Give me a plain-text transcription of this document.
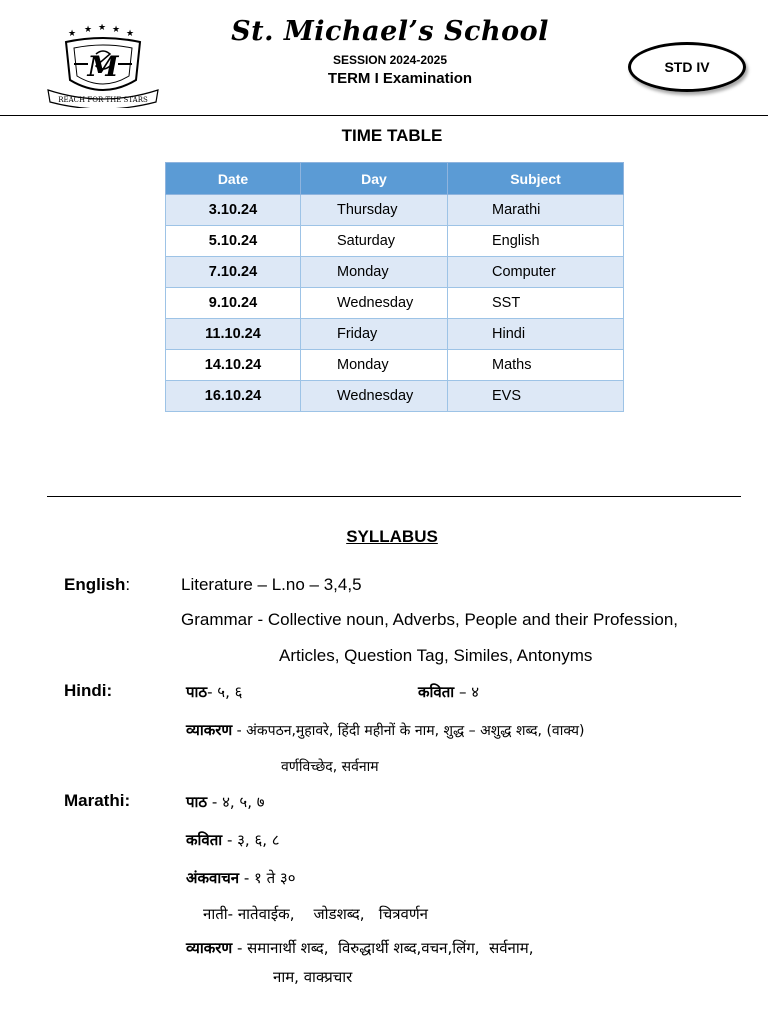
★ ★ ★ ★ ★
M
REACH FOR THE STARS
St. Michael’s School
SESSION 2024-2025
TERM I Examination
STD IV
TIME TABLE
Date	Day	Subject
3.10.24	Thursday	Marathi
5.10.24	Saturday	English
7.10.24	Monday	Computer
9.10.24	Wednesday	SST
11.10.24	Friday	Hindi
14.10.24	Monday	Maths
16.10.24	Wednesday	EVS
SYLLABUS
English:	Literature – L.no – 3,4,5
Grammar - Collective noun, Adverbs, People and their Profession,
Articles, Question Tag, Similes, Antonyms
Hindi:	पाठ- ५, ६	कविता – ४
व्याकरण - अंकपठन,मुहावरे, हिंदी महीनों के नाम, शुद्ध – अशुद्ध शब्द, (वाक्य)
वर्णविच्छेद, सर्वनाम
Marathi:	पाठ - ४, ५, ७
कविता - ३, ६, ८
अंकवाचन - १ ते ३०
नाती- नातेवाईक,    जोडशब्द,   चित्रवर्णन
व्याकरण - समानार्थी शब्द,  विरुद्धार्थी शब्द,वचन,लिंग,  सर्वनाम,
नाम, वाक्प्रचार
